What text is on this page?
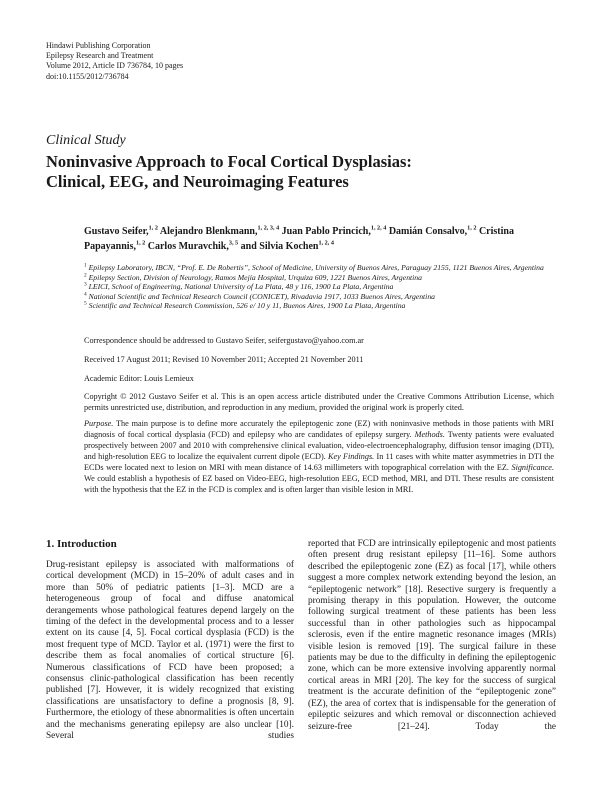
Hindawi Publishing Corporation
Epilepsy Research and Treatment
Volume 2012, Article ID 736784, 10 pages
doi:10.1155/2012/736784
Clinical Study
Noninvasive Approach to Focal Cortical Dysplasias:
Clinical, EEG, and Neuroimaging Features
Gustavo Seifer,$^{1, 2}$ Alejandro Blenkmann,$^{1, 2, 3, 4}$ Juan Pablo Princich,$^{1, 2, 4}$ Damián Consalvo,$^{1, 2}$ Cristina Papayannis,$^{1, 2}$ Carlos Muravchik,$^{3, 5}$ and Silvia Kochen$^{1, 2, 4}$
$^1$ Epilepsy Laboratory, IBCN, “Prof. E. De Robertis”, School of Medicine, University of Buenos Aires, Paraguay 2155, 1121 Buenos Aires, Argentina
$^2$ Epilepsy Section, Division of Neurology, Ramos Mejía Hospital, Urquiza 609, 1221 Buenos Aires, Argentina
$^3$ LEICI, School of Engineering, National University of La Plata, 48 y 116, 1900 La Plata, Argentina
$^4$ National Scientific and Technical Research Council (CONICET), Rivadavia 1917, 1033 Buenos Aires, Argentina
$^5$ Scientific and Technical Research Commission, 526 e/ 10 y 11, Buenos Aires, 1900 La Plata, Argentina
Correspondence should be addressed to Gustavo Seifer, seifergustavo@yahoo.com.ar
Received 17 August 2011; Revised 10 November 2011; Accepted 21 November 2011
Academic Editor: Louis Lemieux
Copyright © 2012 Gustavo Seifer et al. This is an open access article distributed under the Creative Commons Attribution License, which permits unrestricted use, distribution, and reproduction in any medium, provided the original work is properly cited.
Purpose. The main purpose is to define more accurately the epileptogenic zone (EZ) with noninvasive methods in those patients with MRI diagnosis of focal cortical dysplasia (FCD) and epilepsy who are candidates of epilepsy surgery. Methods. Twenty patients were evaluated prospectively between 2007 and 2010 with comprehensive clinical evaluation, video-electroencephalography, diffusion tensor imaging (DTI), and high-resolution EEG to localize the equivalent current dipole (ECD). Key Findings. In 11 cases with white matter asymmetries in DTI the ECDs were located next to lesion on MRI with mean distance of 14.63 millimeters with topographical correlation with the EZ. Significance. We could establish a hypothesis of EZ based on Video-EEG, high-resolution EEG, ECD method, MRI, and DTI. These results are consistent with the hypothesis that the EZ in the FCD is complex and is often larger than visible lesion in MRI.
1. Introduction

Drug-resistant epilepsy is associated with malformations of cortical development (MCD) in 15–20% of adult cases and in more than 50% of pediatric patients [1–3]. MCD are a heterogeneous group of focal and diffuse anatomical derangements whose pathological features depend largely on the timing of the defect in the developmental process and to a lesser extent on its cause [4, 5]. Focal cortical dysplasia (FCD) is the most frequent type of MCD. Taylor et al. (1971) were the first to describe them as focal anomalies of cortical structure [6]. Numerous classifications of FCD have been proposed; a consensus clinic-pathological classification has been recently published [7]. However, it is widely recognized that existing classifications are unsatisfactory to define a prognosis [8, 9]. Furthermore, the etiology of these abnormalities is often uncertain and the mechanisms generating epilepsy are also unclear [10]. Several studies

reported that FCD are intrinsically epileptogenic and most patients often present drug resistant epilepsy [11–16]. Some authors described the epileptogenic zone (EZ) as focal [17], while others suggest a more complex network extending beyond the lesion, an “epileptogenic network” [18]. Resective surgery is frequently a promising therapy in this population. However, the outcome following surgical treatment of these patients has been less successful than in other pathologies such as hippocampal sclerosis, even if the entire magnetic resonance images (MRIs) visible lesion is removed [19]. The surgical failure in these patients may be due to the difficulty in defining the epileptogenic zone, which can be more extensive involving apparently normal cortical areas in MRI [20]. The key for the success of surgical treatment is the accurate definition of the “epileptogenic zone” (EZ), the area of cortex that is indispensable for the generation of epileptic seizures and which removal or disconnection achieved seizure-free [21–24]. Today the
